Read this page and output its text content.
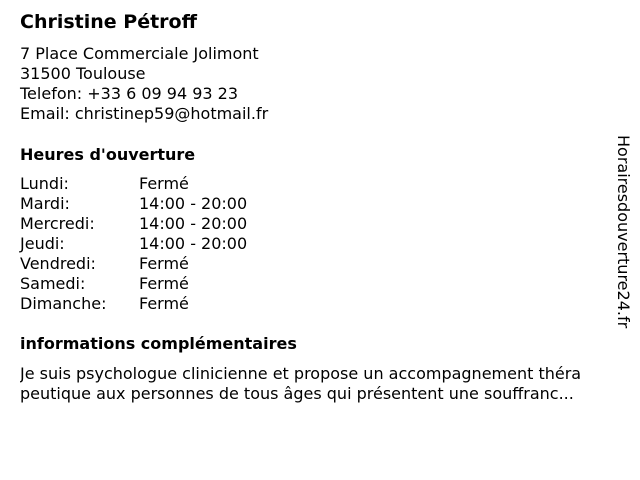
Christine Pétroff
7 Place Commerciale Jolimont
31500 Toulouse
Telefon: +33 6 09 94 93 23
Email: christinep59@hotmail.fr
Heures d'ouverture
Lundi:	Fermé
Mardi:	14:00 - 20:00
Mercredi:	14:00 - 20:00
Jeudi:	14:00 - 20:00
Vendredi:	Fermé
Samedi:	Fermé
Dimanche:	Fermé
informations complémentaires
Je suis psychologue clinicienne et propose un accompagnement théra
peutique aux personnes de tous âges qui présentent une souffranc...
Horairesdouverture24.fr
